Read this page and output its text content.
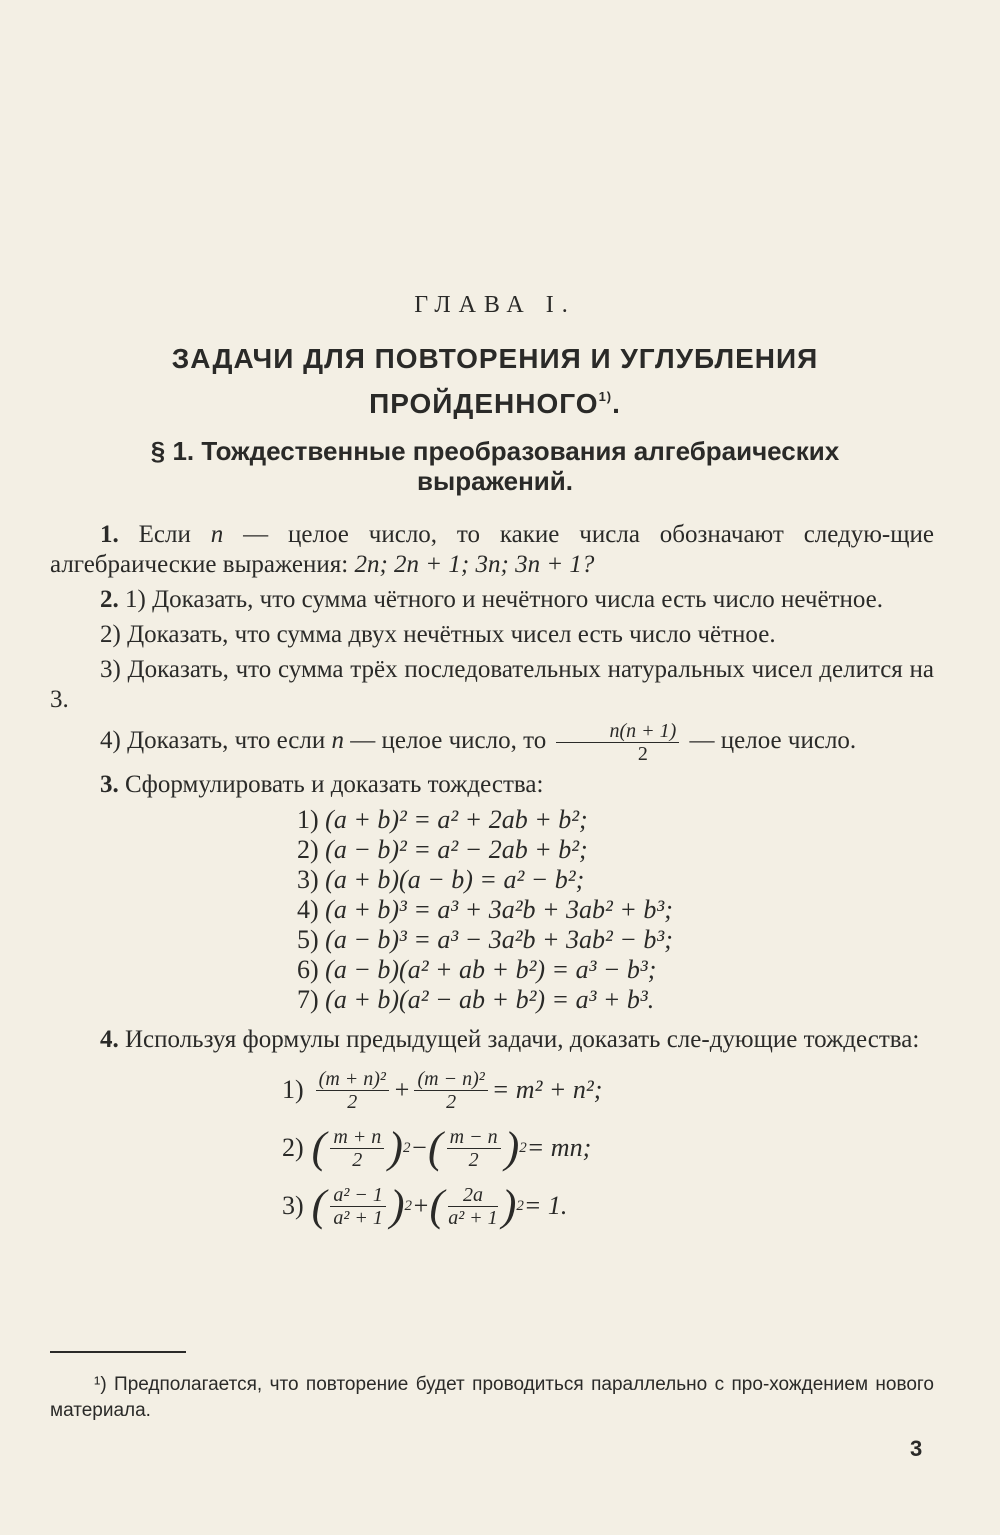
ГЛАВА I.
ЗАДАЧИ ДЛЯ ПОВТОРЕНИЯ И УГЛУБЛЕНИЯ
ПРОЙДЕННОГО$^{1)}$.
§ 1. Тождественные преобразования алгебраических
выражений.

1. Если n — целое число, то какие числа обозначают следую-щие алгебраические выражения: 2n; 2n + 1; 3n; 3n + 1?

2. 1) Доказать, что сумма чётного и нечётного числа есть число нечётное.

2) Доказать, что сумма двух нечётных чисел есть число чётное.

3) Доказать, что сумма трёх последовательных натуральных чисел делится на 3.

4) Доказать, что если n — целое число, то $\frac{n(n + 1)}{2}$ — целое число.

3. Сформулировать и доказать тождества:

1) (a + b)² = a² + 2ab + b²;
2) (a − b)² = a² − 2ab + b²;
3) (a + b)(a − b) = a² − b²;
4) (a + b)³ = a³ + 3a²b + 3ab² + b³;
5) (a − b)³ = a³ − 3a²b + 3ab² − b³;
6) (a − b)(a² + ab + b²) = a³ − b³;
7) (a + b)(a² − ab + b²) = a³ + b³.

4. Используя формулы предыдущей задачи, доказать сле-дующие тождества:

$1) \frac{\text{(m + n)²}}{2} + \frac{\text{(m − n)²}}{2} = m^2 + n^2$;
2) ( $\frac{m + n}{2}$ ) 2 − ( $\frac{m - n}{2}$ ) 2 = mn;
3) ( $\frac{\text{a² − 1}}{\text{a² + 1}}$ ) 2 + ( $\frac{2a}{\text{a² + 1}}$ ) 2 = 1.
¹) Предполагается, что повторение будет проводиться параллельно с про-хождением нового материала.
3
